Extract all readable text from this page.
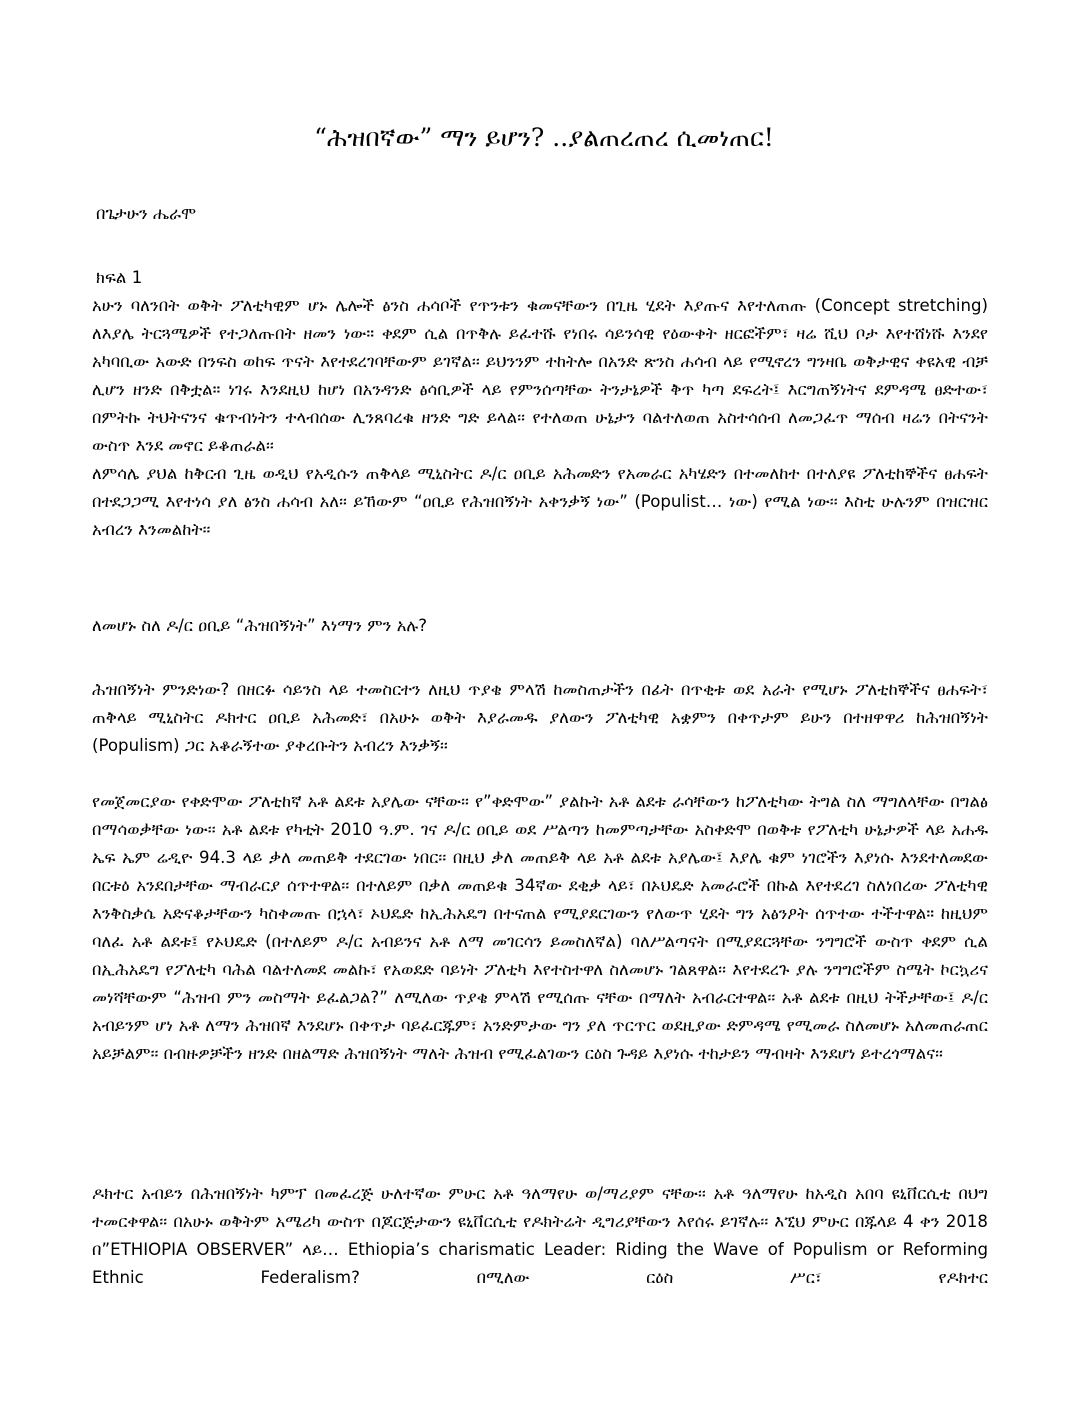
“ሕዝበኛው” ማን ይሆን? ..ያልጠረጠረ ሲመነጠር!
በጌታሁን ሔራሞ
ክፍል 1
አሁን ባለንበት ወቅት ፖለቲካዊም ሆኑ ሌሎች ፅንስ ሐሳቦች የጥንቱን ቁመናቸውን በጊዜ ሂደት እያጡና እየተለጠጡ (Concept stretching) ለእያሌ ትርጓሜዎች የተጋለጡበት ዘመን ነው። ቀደም ሲል በጥቅሉ ይፈተሹ የነበሩ ሳይንሳዊ የዕውቀት ዘርፎችም፣ ዛሬ ሺህ ቦታ እየተሸነሹ እንደየ አካባቢው አውድ በንፍስ ወከፍ ጥናት እየተደረገባቸውም ይገኛል፡፡ ይህንንም ተከትሎ በአንድ ጽንስ ሐሳብ ላይ የሚኖረን ግንዛቤ ወቅታዊና ቀዩአዊ ብቻ ሊሆን ዘንድ በቅቷል። ነገሩ እንደዚህ ከሆነ በአንዳንድ ፅሳቢዎች ላይ የምንሰጣቸው ትንታኔዎች ቅጥ ካጣ ደፍረት፤ እርግጠኝነትና ደምዳሜ ፀድተው፣ በምትኩ ትህትናንና ቁጥብነትን ተላብሰው ሊንጸባረቁ ዘንድ ግድ ይላል፡፡ የተለወጠ ሁኔታን ባልተለወጠ አስተሳሰብ ለመጋፈጥ ማሰብ ዛሬን በትናንት ውስጥ እንደ መኖር ይቆጠራል፡፡
ለምሳሌ ያህል ከቅርብ ጊዜ ወዲህ የአዲሱን ጠቅላይ ሚኒስትር ዶ/ር ዐቢይ አሕመድን የአመራር አካሄድን በተመለከተ በተለያዩ ፖለቲከኞችና ፀሐፍት በተደጋጋሚ እየተነሳ ያለ ፅንስ ሐሳብ አለ፡፡ ይኸውም “ዐቢይ የሕዝበኝነት አቀንቃኝ ነው” (Populist… ነው) የሚል ነው፡፡ እስቲ ሁሉንም በዝርዝር አብረን እንመልከት፡፡
ለመሆኑ ስለ ዶ/ር ዐቢይ “ሕዝበኝነት” እነማን ምን አሉ?
ሕዝበኝነት ምንድነው? በዘርፉ ሳይንስ ላይ ተመስርተን ለዚህ ጥያቄ ምላሽ ከመስጠታችን በፊት በጥቂቱ ወደ አራት የሚሆኑ ፖለቲከኞችና ፀሐፍት፣ ጠቅላይ ሚኒስትር ዶክተር ዐቢይ አሕመድ፣ በአሁኑ ወቅት እያራመዱ ያለውን ፖለቲካዊ አቋምን በቀጥታም ይሁን በተዘዋዋሪ ከሕዝበኝነት (Populism) ጋር አቆራኝተው ያቀረቡትን አብረን እንቃኝ፡፡
የመጀመርያው የቀድሞው ፖለቲከኛ አቶ ልደቱ አያሌው ናቸው፡፡ የ”ቀድሞው” ያልኩት አቶ ልደቱ ራሳቸውን ከፖለቲካው ትግል ስለ ማግለላቸው በግልፅ በማሳወቃቸው ነው፡፡ አቶ ልደቱ የካቲት 2010 ዓ.ም. ገና ዶ/ር ዐቢይ ወደ ሥልጣን ከመምጣታቸው አስቀድሞ በወቅቱ የፖለቲካ ሁኔታዎች ላይ አሐዱ ኤፍ ኤም ሬዲዮ 94.3 ላይ ቃለ መጠይቅ ተደርገው ነበር፡፡ በዚህ ቃለ መጠይቅ ላይ አቶ ልደቱ አያሌው፤ እያሌ ቁም ነገሮችን እያነሱ እንደተለመደው በርቱዕ አንደበታቸው ማብራርያ ሰጥተዋል፡፡ በተለይም በቃለ መጠይቁ 34ኛው ደቂቃ ላይ፣ በኦህዴድ አመራሮች በኩል እየተደረገ ስለነበረው ፖለቲካዊ እንቅስቃሴ አድናቆታቸውን ካስቀመጡ በኋላ፣ ኦህዴድ ከኢሕአዴግ በተናጠል የሚያደርገውን የለውጥ ሂደት ግን አፅንዖት ሰጥተው ተችተዋል። ከዚህም ባለፈ አቶ ልደቱ፤ የኦህዴድ (በተለይም ዶ/ር አብይንና አቶ ለማ መገርሳን ይመስለኛል) ባለሥልጣናት በሚያደርጓቸው ንግግሮች ውስጥ ቀደም ሲል በኢሕአዴግ የፖለቲካ ባሕል ባልተለመደ መልኩ፣ የአወደድ ባይነት ፖለቲካ እየተስተዋለ ስለመሆኑ ገልጸዋል፡፡ እየተደረጉ ያሉ ንግግሮችም ስሜት ኮርኳሪና መነሻቸውም “ሕዝብ ምን መስማት ይፈልጋል?” ለሚለው ጥያቄ ምላሽ የሚሰጡ ናቸው በማለት አብራርተዋል፡፡ አቶ ልደቱ በዚህ ትችታቸው፤ ዶ/ር አብይንም ሆነ አቶ ለማን ሕዝበኛ እንደሆኑ በቀጥታ ባይፈርጁም፣ አንድምታው ግን ያለ ጥርጥር ወደዚያው ድምዳሜ የሚመራ ስለመሆኑ አለመጠራጠር አይቻልም፡፡ በብዙዎቻችን ዘንድ በዘልማድ ሕዝበኝነት ማለት ሕዝብ የሚፈልገውን ርዕስ ጉዳይ እያነሱ ተከታይን ማብዛት እንደሆነ ይተረጎማልና፡፡
ዶክተር አብይን በሕዝበኝነት ካምፕ በመፈረጅ ሁለተኛው ምሁር አቶ ዓለማየሁ ወ/ማሪያም ናቸው፡፡ አቶ ዓለማየሁ ከአዲስ አበባ ዩኒቨርሲቲ በህግ ተመርቀዋል፡፡ በአሁኑ ወቅትም አሜሪካ ውስጥ በጆርጅታውን ዩኒቨርሲቲ የዶክትሬት ዲግሪያቸውን እየሰሩ ይገኛሉ፡፡ እኚህ ምሁር በጁላይ 4 ቀን 2018 በ”ETHIOPIA OBSERVER” ላይ… Ethiopia’s charismatic Leader: Riding the Wave of Populism or Reforming Ethnic Federalism? በሚለው ርዕስ ሥር፣ የዶክተር
